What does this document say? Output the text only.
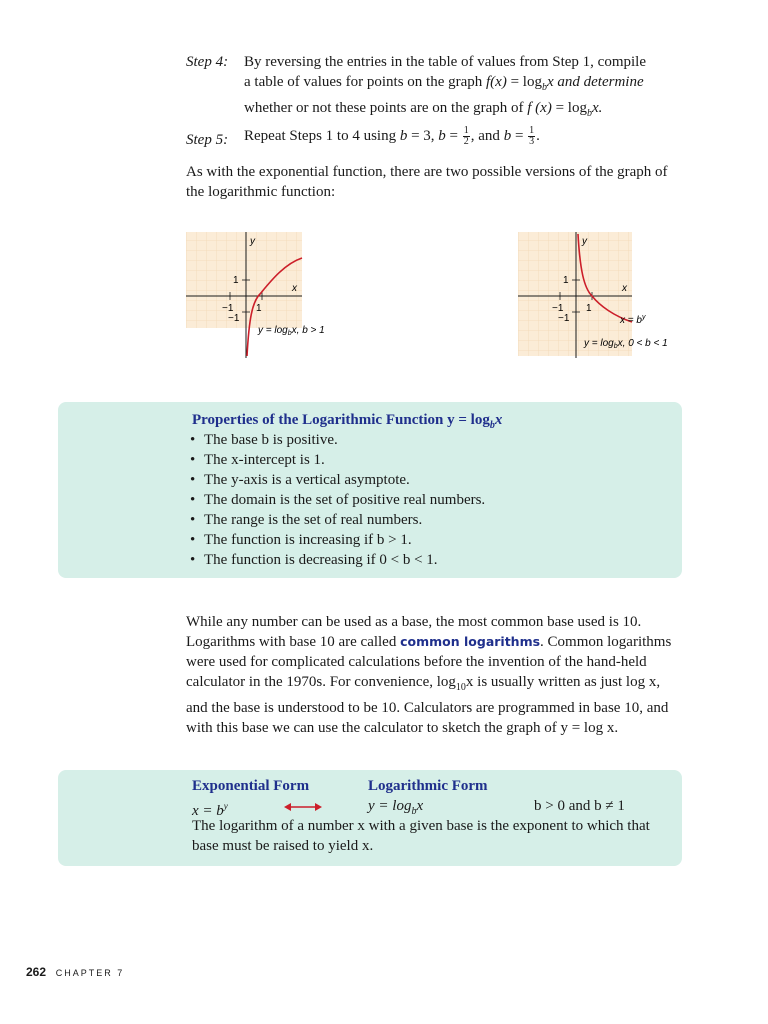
Step 4: By reversing the entries in the table of values from Step 1, compile
a table of values for points on the graph $f(x) = \log_bx$ and determine
whether or not these points are on the graph of f $(x) = \log_bx$.
Step 5: Repeat Steps 1 to 4 using b = 3, $b = \frac{1}{2}$ , and $b = \frac{1}{3}$ .
As with the exponential function, there are two possible versions of the graph of
the logarithmic function:
y
x
1
−1
−1
1
$y = \log_bx$, b > 1
y
x
1
−1
−1
1
$x = b^y$
$y = \log_bx$, 0 < b < 1
Properties of the Logarithmic Function $y = \log_bx$
• The base b is positive.
• The x-intercept is 1.
• The y-axis is a vertical asymptote.
• The domain is the set of positive real numbers.
• The range is the set of real numbers.
• The function is increasing if b > 1.
• The function is decreasing if 0 < b < 1.
While any number can be used as a base, the most common base used is 10.
Logarithms with base 10 are called common logarithms. Common logarithms
were used for complicated calculations before the invention of the hand-held
calculator in the 1970s. For convenience, $\log_{10}x$ is usually written as just log x,
and the base is understood to be 10. Calculators are programmed in base 10, and
with this base we can use the calculator to sketch the graph of y = log x.
Exponential Form	Logarithmic Form
$x = b^y$	$y = \log_bx$	b > 0 and b ≠ 1
The logarithm of a number x with a given base is the exponent to which that
base must be raised to yield x.
262 CHAPTER 7
